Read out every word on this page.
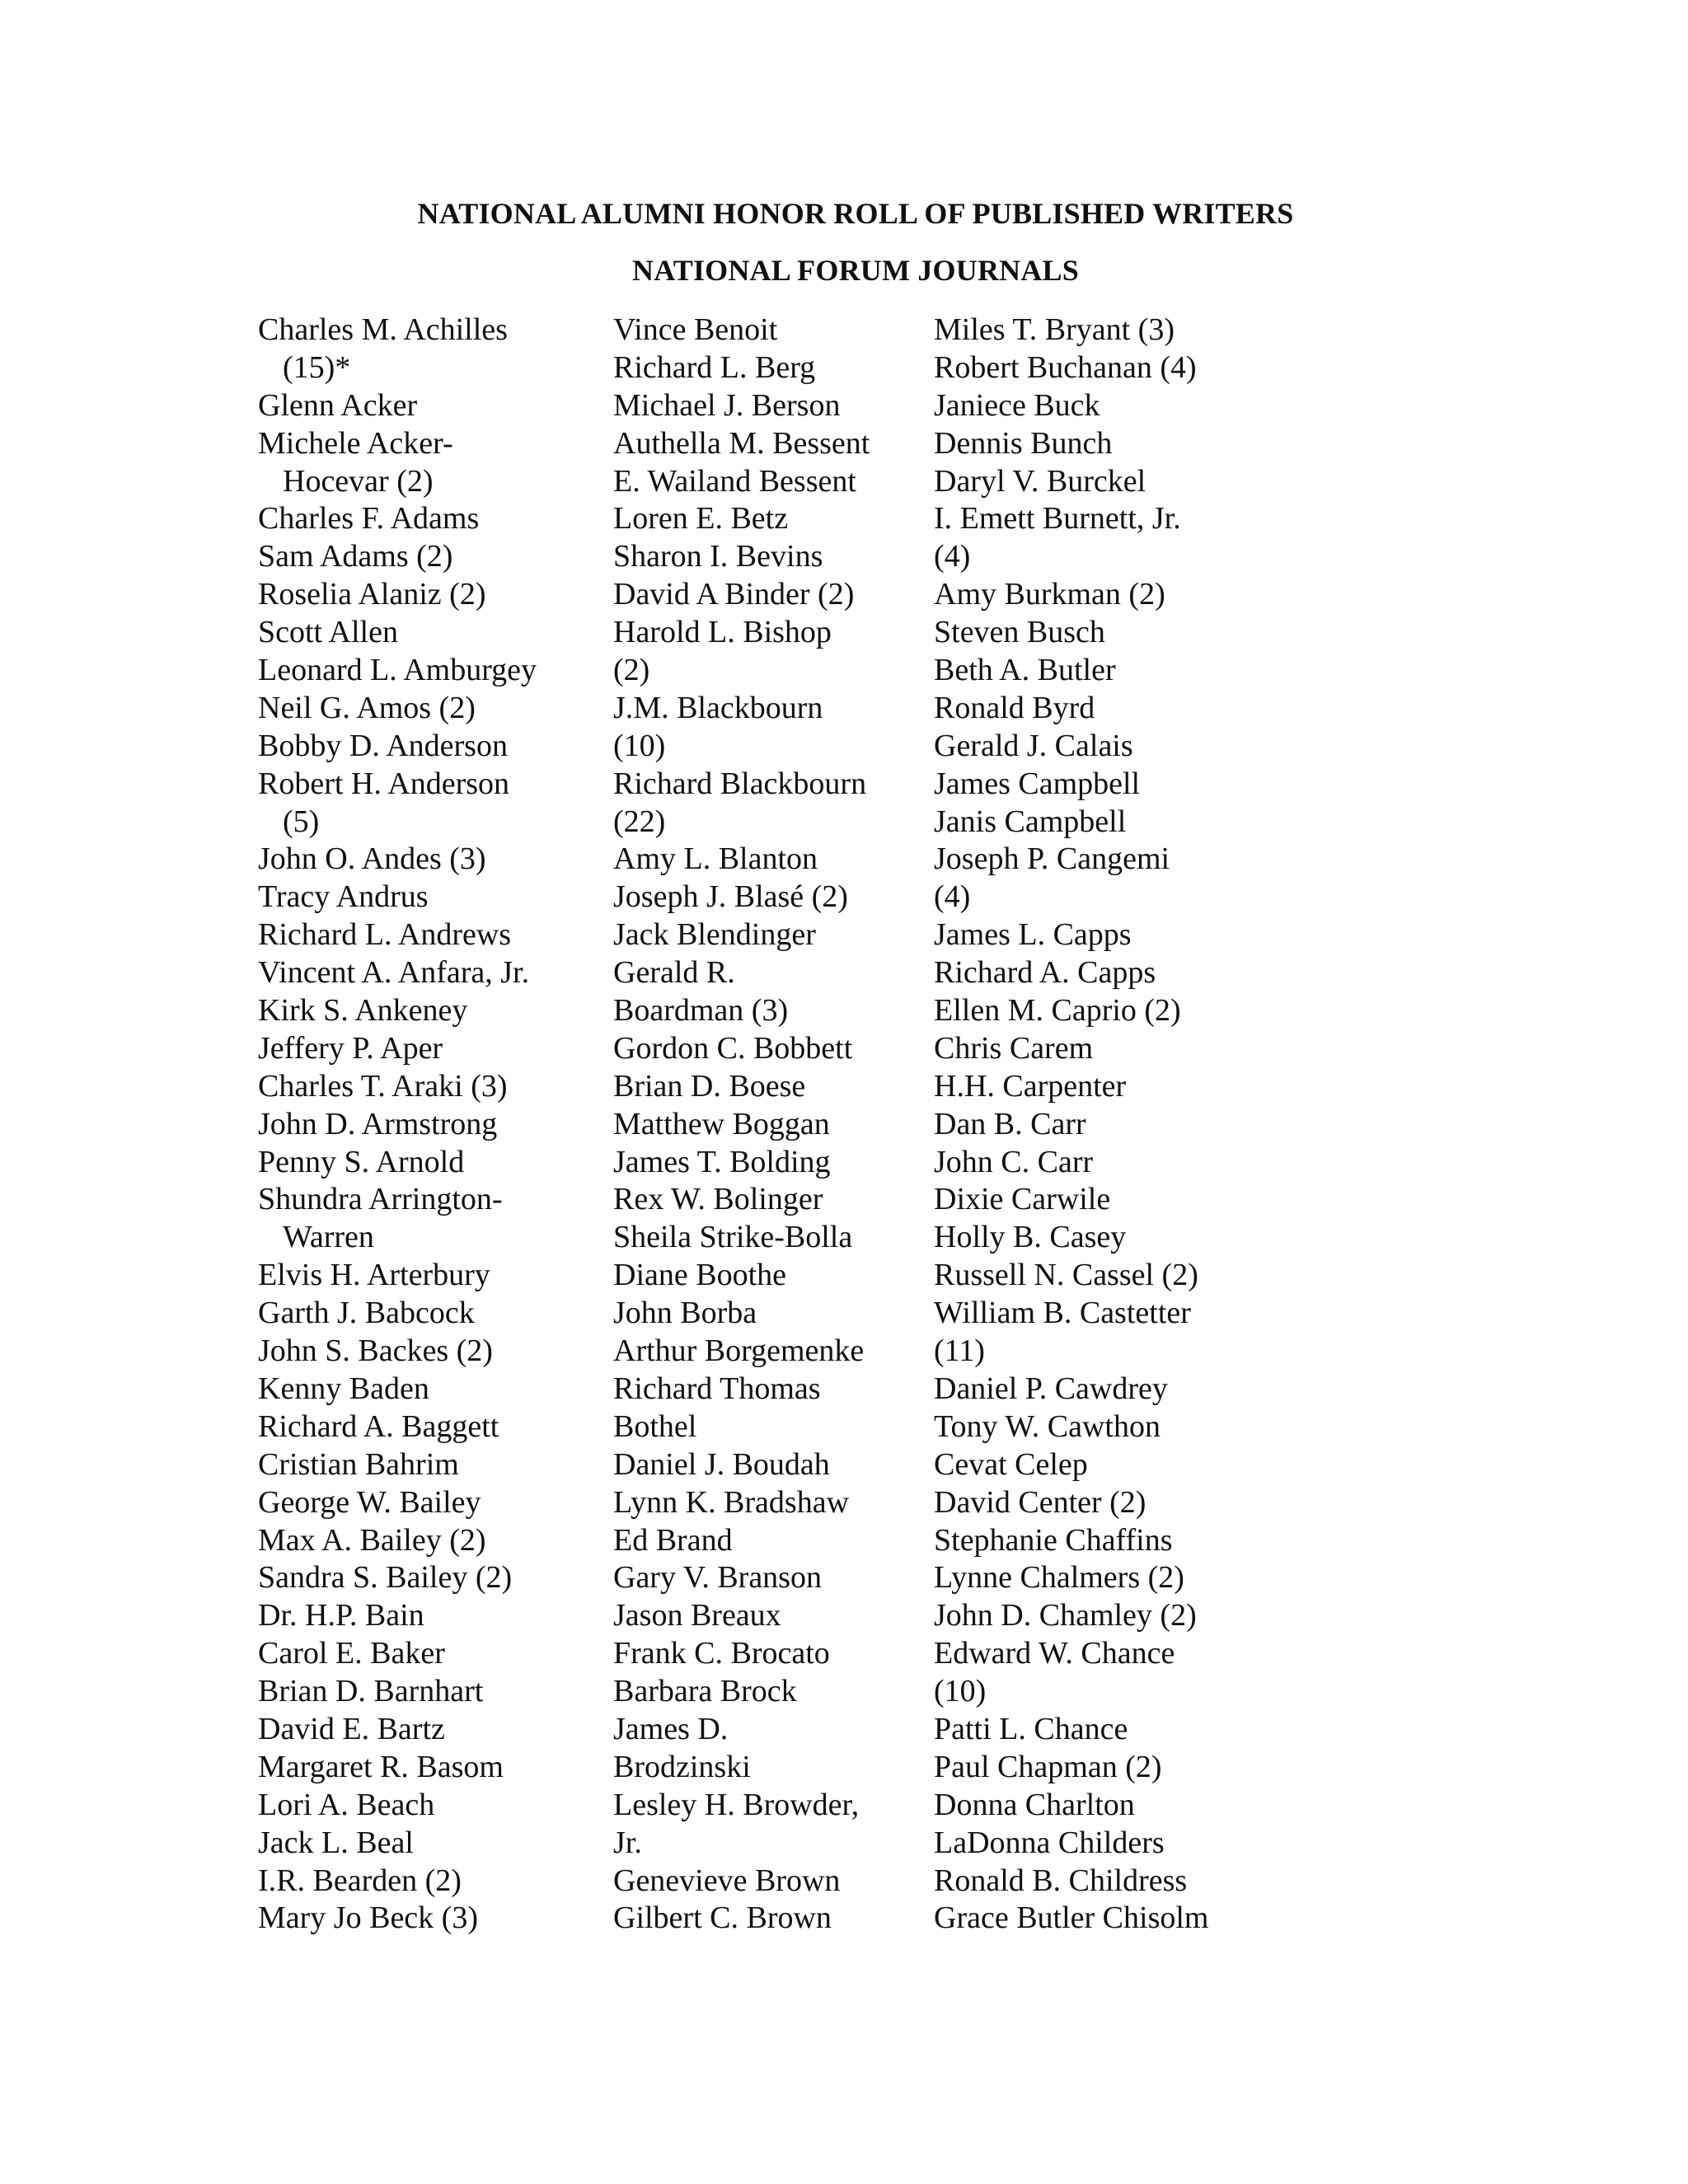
NATIONAL ALUMNI HONOR ROLL OF PUBLISHED WRITERS
NATIONAL FORUM JOURNALS
Charles M. Achilles
(15)*
Glenn Acker
Michele Acker-
Hocevar (2)
Charles F. Adams
Sam Adams (2)
Roselia Alaniz (2)
Scott Allen
Leonard L. Amburgey
Neil G. Amos (2)
Bobby D. Anderson
Robert H. Anderson
(5)
John O. Andes (3)
Tracy Andrus
Richard L. Andrews
Vincent A. Anfara, Jr.
Kirk S. Ankeney
Jeffery P. Aper
Charles T. Araki (3)
John D. Armstrong
Penny S. Arnold
Shundra Arrington-
Warren
Elvis H. Arterbury
Garth J. Babcock
John S. Backes (2)
Kenny Baden
Richard A. Baggett
Cristian Bahrim
George W. Bailey
Max A. Bailey (2)
Sandra S. Bailey (2)
Dr. H.P. Bain
Carol E. Baker
Brian D. Barnhart
David E. Bartz
Margaret R. Basom
Lori A. Beach
Jack L. Beal
I.R. Bearden (2)
Mary Jo Beck (3)
Vince Benoit
Richard L. Berg
Michael J. Berson
Authella M. Bessent
E. Wailand Bessent
Loren E. Betz
Sharon I. Bevins
David A Binder (2)
Harold L. Bishop
(2)
J.M. Blackbourn
(10)
Richard Blackbourn
(22)
Amy L. Blanton
Joseph J. Blasé (2)
Jack Blendinger
Gerald R.
Boardman (3)
Gordon C. Bobbett
Brian D. Boese
Matthew Boggan
James T. Bolding
Rex W. Bolinger
Sheila Strike-Bolla
Diane Boothe
John Borba
Arthur Borgemenke
Richard Thomas
Bothel
Daniel J. Boudah
Lynn K. Bradshaw
Ed Brand
Gary V. Branson
Jason Breaux
Frank C. Brocato
Barbara Brock
James D.
Brodzinski
Lesley H. Browder,
Jr.
Genevieve Brown
Gilbert C. Brown
Miles T. Bryant (3)
Robert Buchanan (4)
Janiece Buck
Dennis Bunch
Daryl V. Burckel
I. Emett Burnett, Jr.
(4)
Amy Burkman (2)
Steven Busch
Beth A. Butler
Ronald Byrd
Gerald J. Calais
James Campbell
Janis Campbell
Joseph P. Cangemi
(4)
James L. Capps
Richard A. Capps
Ellen M. Caprio (2)
Chris Carem
H.H. Carpenter
Dan B. Carr
John C. Carr
Dixie Carwile
Holly B. Casey
Russell N. Cassel (2)
William B. Castetter
(11)
Daniel P. Cawdrey
Tony W. Cawthon
Cevat Celep
David Center (2)
Stephanie Chaffins
Lynne Chalmers (2)
John D. Chamley (2)
Edward W. Chance
(10)
Patti L. Chance
Paul Chapman (2)
Donna Charlton
LaDonna Childers
Ronald B. Childress
Grace Butler Chisolm
